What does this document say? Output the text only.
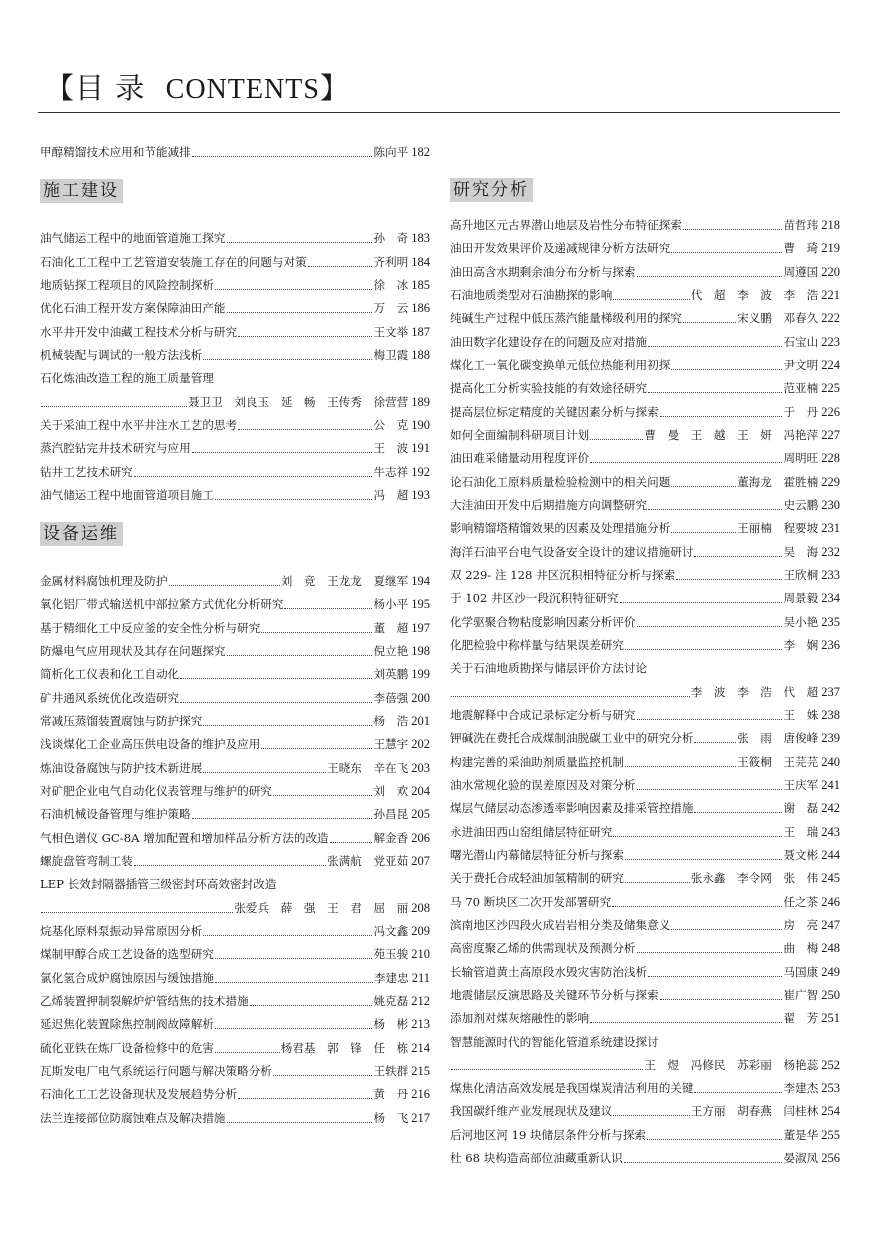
【目 录 CONTENTS】
甲醇精馏技术应用和节能减排	陈向平 182
施工建设
油气储运工程中的地面管道施工探究	孙　奇 183
石油化工工程中工艺管道安装施工存在的问题与对策	齐利明 184
地质钻探工程项目的风险控制探析	徐　冰 185
优化石油工程开发方案保障油田产能	万　云 186
水平井开发中油藏工程技术分析与研究	王文举 187
机械装配与调试的一般方法浅析	梅卫霞 188
石化炼油改造工程的施工质量管理
聂卫卫　刘良玉　延　畅　王传秀　徐营营 189
关于采油工程中水平井注水工艺的思考	公　克 190
蒸汽腔钻完井技术研究与应用	王　波 191
钻井工艺技术研究	牛志祥 192
油气储运工程中地面管道项目施工	冯　超 193
设备运维
金属材料腐蚀机理及防护	刘　竞　王龙龙　夏继军 194
氧化铝厂带式输送机中部拉紧方式优化分析研究	杨小平 195
基于精细化工中反应釜的安全性分析与研究	董　超 197
防爆电气应用现状及其存在问题探究	倪立艳 198
简析化工仪表和化工自动化	刘英鹏 199
矿井通风系统优化改造研究	李蓓强 200
常减压蒸馏装置腐蚀与防护探究	杨　浩 201
浅谈煤化工企业高压供电设备的维护及应用	王慧宇 202
炼油设备腐蚀与防护技术新进展	王晓东　辛在飞 203
对矿肥企业电气自动化仪表管理与维护的研究	刘　欢 204
石油机械设备管理与维护策略	孙昌昆 205
气相色谱仪 GC-8A 增加配置和增加样品分析方法的改造	解金香 206
螺旋盘管弯制工装	张满航　党亚茹 207
LEP 长效封隔器插管三级密封环高效密封改造
张爱兵　薛　强　王　君　屈　丽 208
烷基化原料泵振动异常原因分析	冯文鑫 209
煤制甲醇合成工艺设备的选型研究	苑玉骏 210
氯化氢合成炉腐蚀原因与缓蚀措施	李建忠 211
乙烯装置押制裂解炉炉管结焦的技术措施	姚克磊 212
延迟焦化装置除焦控制阀故障解析	杨　彬 213
硫化亚铁在炼厂设备检修中的危害	杨君基　郭　锋　任　栋 214
瓦斯发电厂电气系统运行问题与解决策略分析	王轶群 215
石油化工工艺设备现状及发展趋势分析	黄　丹 216
法兰连接部位防腐蚀难点及解决措施	杨　飞 217
研究分析
高升地区元古界潜山地层及岩性分布特征探索	苗哲玮 218
油田开发效果评价及递减规律分析方法研究	曹　琦 219
油田高含水期剩余油分布分析与探索	周遵国 220
石油地质类型对石油勘探的影响	代　超　李　波　李　浩 221
纯碱生产过程中低压蒸汽能量梯级利用的探究	宋义鹏　邓春久 222
油田数字化建设存在的问题及应对措施	石宝山 223
煤化工一氧化碳变换单元低位热能利用初探	尹文明 224
提高化工分析实验技能的有效途径研究	范亚楠 225
提高层位标定精度的关键因素分析与探索	于　丹 226
如何全面编制科研项目计划	曹　曼　王　越　王　妍　冯艳萍 227
油田难采储量动用程度评价	周明旺 228
论石油化工原料质量检验检测中的相关问题	董海龙　霍胜楠 229
大洼油田开发中后期措施方向调整研究	史云鹏 230
影响精馏塔精馏效果的因素及处理措施分析	王丽楠　程要坡 231
海洋石油平台电气设备安全设计的建议措施研讨	吴　海 232
双 229- 注 128 井区沉积相特征分析与探索	王欣桐 233
于 102 井区沙一段沉积特征研究	周景毅 234
化学驱聚合物粘度影响因素分析评价	吴小艳 235
化肥检验中称样量与结果误差研究	李　娴 236
关于石油地质勘探与储层评价方法讨论
李　波　李　浩　代　超 237
地震解释中合成记录标定分析与研究	王　姝 238
钾碱洗在费托合成煤制油脱碳工业中的研究分析	张　雨　唐俊峰 239
构建完善的采油助剂质量监控机制	王筱桐　王芫芫 240
油水常规化验的误差原因及对策分析	王庆军 241
煤层气储层动态渗透率影响因素及排采管控措施	谢　磊 242
永进油田西山窑组储层特征研究	王　瑞 243
曙光潜山内幕储层特征分析与探索	聂文彬 244
关于费托合成轻油加氢精制的研究	张永鑫　李令网　张　伟 245
马 70 断块区二次开发部署研究	任之茶 246
滨南地区沙四段火成岩岩相分类及储集意义	房　亮 247
高密度聚乙烯的供需现状及预测分析	曲　梅 248
长输管道黄土高原段水毁灾害防治浅析	马国康 249
地震储层反演思路及关键环节分析与探索	崔广智 250
添加剂对煤灰熔融性的影响	翟　芳 251
智慧能源时代的智能化管道系统建设探讨
王　煜　冯修民　苏彩丽　杨艳蕊 252
煤焦化清洁高效发展是我国煤炭清洁利用的关键	李建杰 253
我国碳纤维产业发展现状及建议	王方丽　胡春燕　闫桂林 254
后河地区河 19 块储层条件分析与探索	董是华 255
杜 68 块构造高部位油藏重新认识	晏淑凤 256
